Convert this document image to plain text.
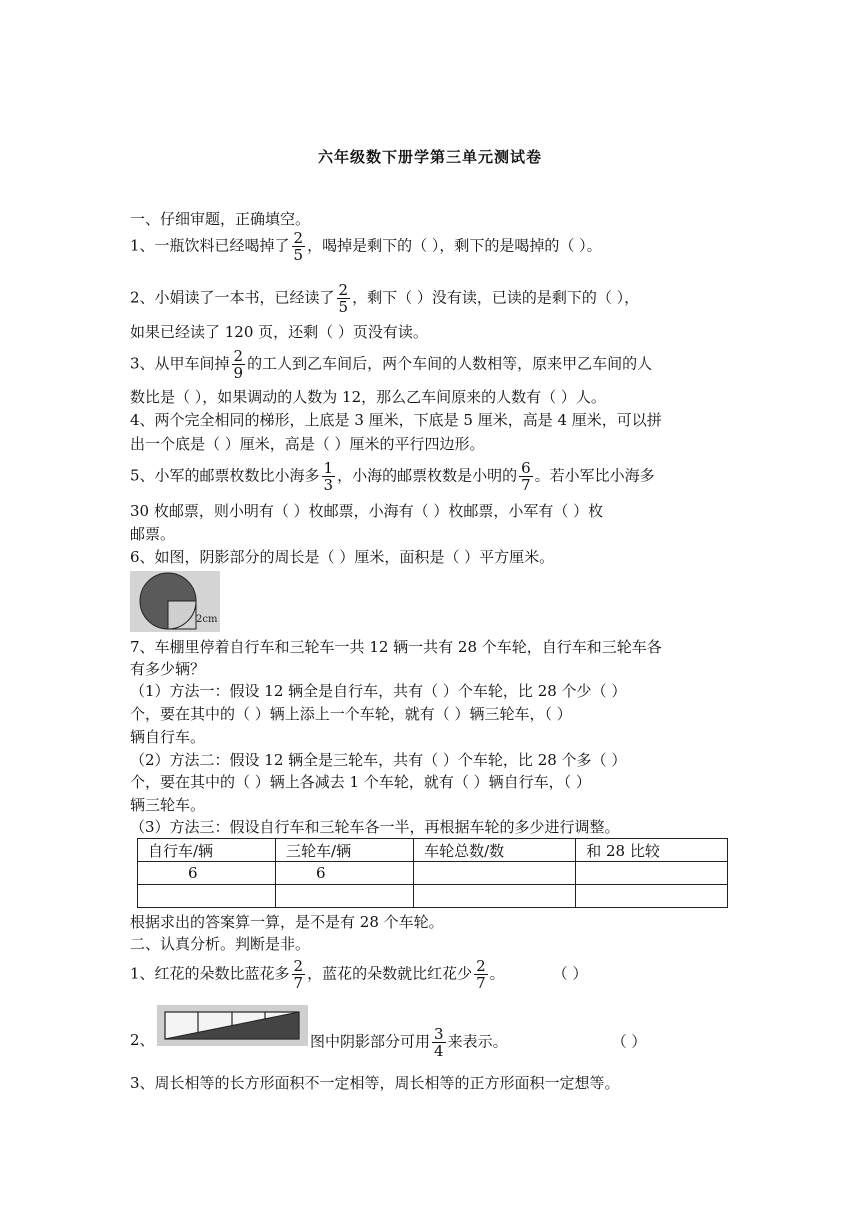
六年级数下册学第三单元测试卷
一、仔细审题，正确填空。
1、一瓶饮料已经喝掉了 $\frac{2}{5}$ ，喝掉是剩下的（ ），剩下的是喝掉的（ ）。
2、小娟读了一本书，已经读了 $\frac{2}{5}$ ，剩下（ ）没有读，已读的是剩下的（ ），
如果已经读了 120 页，还剩（ ）页没有读。
3、从甲车间掉 $\frac{2}{9}$ 的工人到乙车间后，两个车间的人数相等，原来甲乙车间的人
数比是（ ），如果调动的人数为 12，那么乙车间原来的人数有（ ）人。
4、两个完全相同的梯形，上底是 3 厘米，下底是 5 厘米，高是 4 厘米，可以拼
出一个底是（ ）厘米，高是（ ）厘米的平行四边形。
5、小军的邮票枚数比小海多 $\frac{1}{3}$ ，小海的邮票枚数是小明的 $\frac{6}{7}$ 。若小军比小海多
30 枚邮票，则小明有（ ）枚邮票，小海有（ ）枚邮票，小军有（ ）枚
邮票。
6、如图，阴影部分的周长是（ ）厘米，面积是（ ）平方厘米。
2cm
7、车棚里停着自行车和三轮车一共 12 辆一共有 28 个车轮，自行车和三轮车各
有多少辆？
（1）方法一：假设 12 辆全是自行车，共有（ ）个车轮，比 28 个少（ ）
个，要在其中的（ ）辆上添上一个车轮，就有（ ）辆三轮车，（ ）
辆自行车。
（2）方法二：假设 12 辆全是三轮车，共有（ ）个车轮，比 28 个多（ ）
个，要在其中的（ ）辆上各减去 1 个车轮，就有（ ）辆自行车，（ ）
辆三轮车。
（3）方法三：假设自行车和三轮车各一半，再根据车轮的多少进行调整。
自行车/辆	三轮车/辆	车轮总数/数	和 28 比较
6	6		

根据求出的答案算一算，是不是有 28 个车轮。
二、认真分析。判断是非。
1、红花的朵数比蓝花多 $\frac{2}{7}$ ，蓝花的朵数就比红花少 $\frac{2}{7}$ 。	（ ）
2、	图中阴影部分可用 $\frac{3}{4}$ 来表示。	（ ）
3、周长相等的长方形面积不一定相等，周长相等的正方形面积一定想等。
